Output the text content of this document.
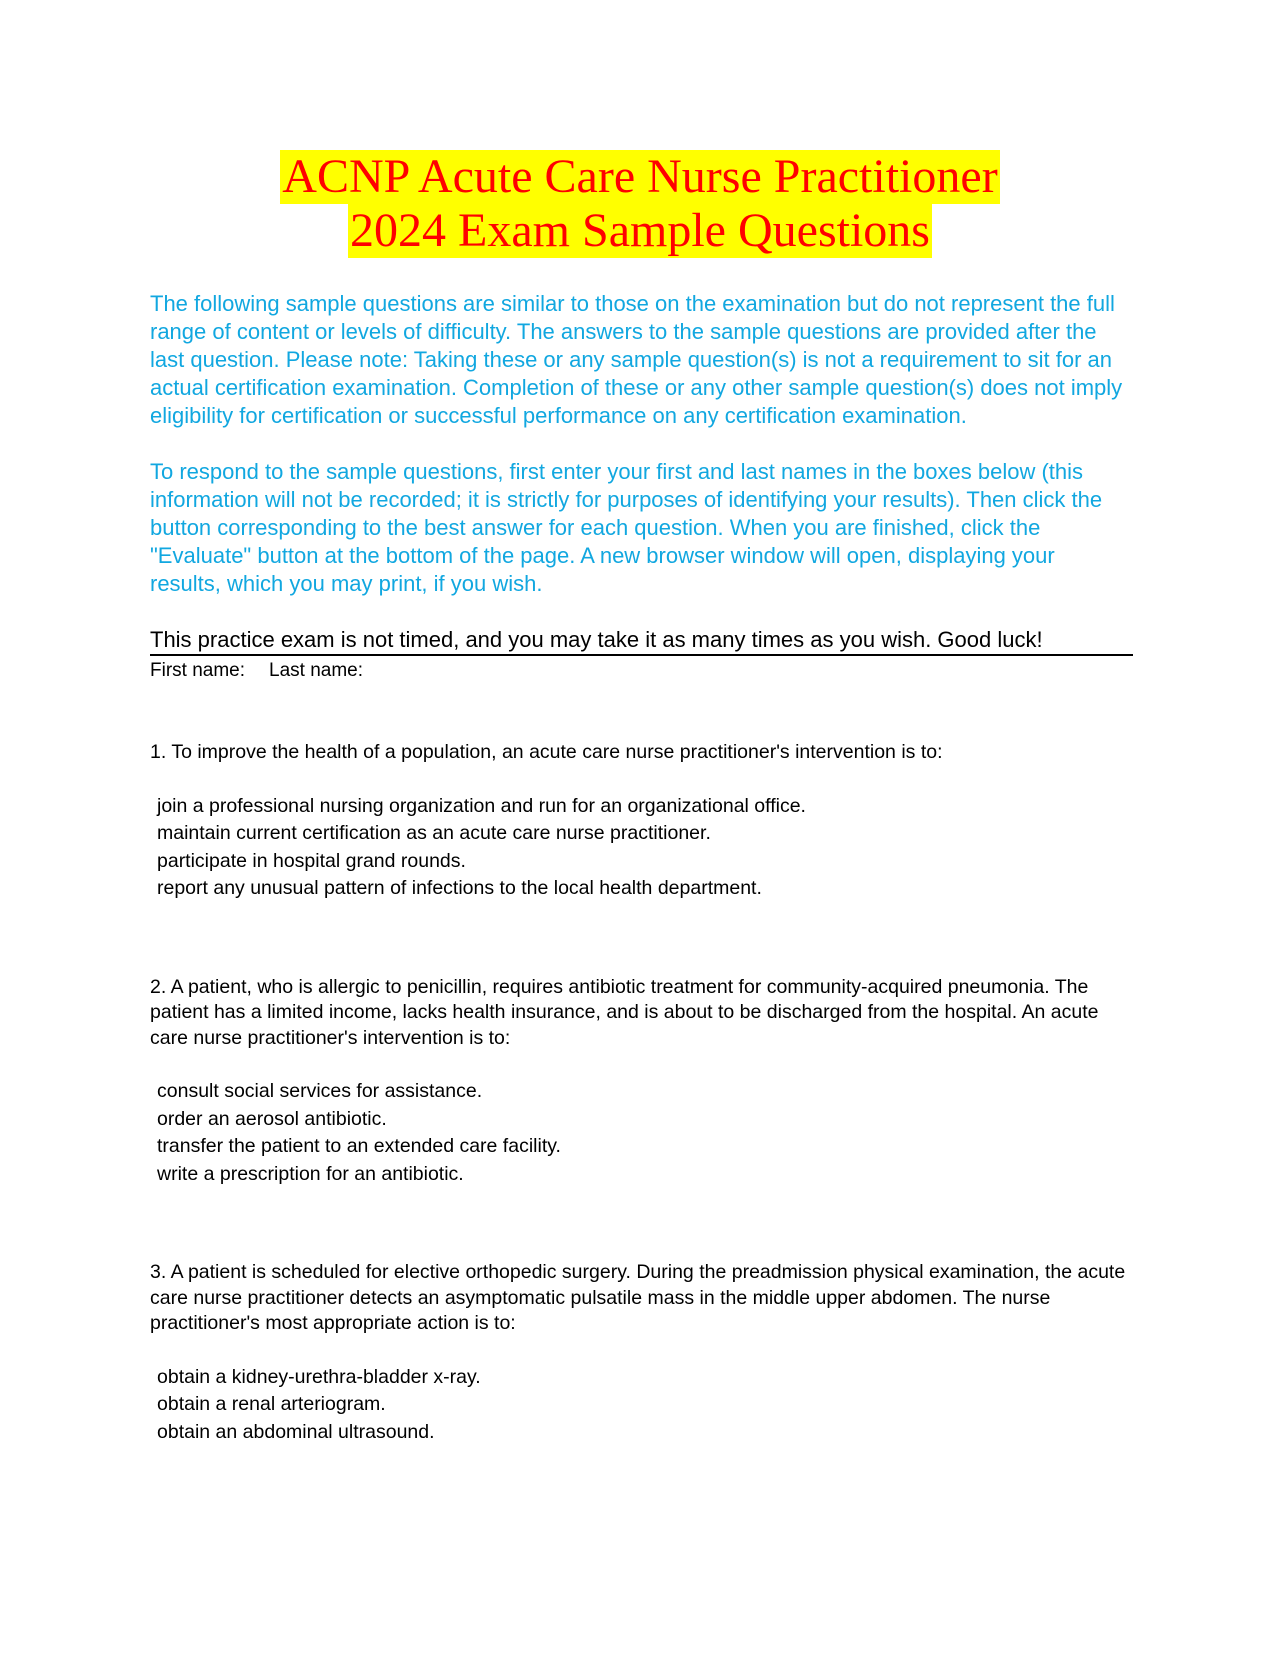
ACNP Acute Care Nurse Practitioner
2024 Exam Sample Questions

The following sample questions are similar to those on the examination but do not represent the full range of content or levels of difficulty. The answers to the sample questions are provided after the last question. Please note: Taking these or any sample question(s) is not a requirement to sit for an actual certification examination. Completion of these or any other sample question(s) does not imply eligibility for certification or successful performance on any certification examination.

To respond to the sample questions, first enter your first and last names in the boxes below (this information will not be recorded; it is strictly for purposes of identifying your results). Then click the button corresponding to the best answer for each question. When you are finished, click the "Evaluate" button at the bottom of the page. A new browser window will open, displaying your results, which you may print, if you wish.

This practice exam is not timed, and you may take it as many times as you wish. Good luck!
First name: Last name:

1. To improve the health of a population, an acute care nurse practitioner's intervention is to:

join a professional nursing organization and run for an organizational office.
maintain current certification as an acute care nurse practitioner.
participate in hospital grand rounds.
report any unusual pattern of infections to the local health department.

2. A patient, who is allergic to penicillin, requires antibiotic treatment for community-acquired pneumonia. The patient has a limited income, lacks health insurance, and is about to be discharged from the hospital. An acute care nurse practitioner's intervention is to:

consult social services for assistance.
order an aerosol antibiotic.
transfer the patient to an extended care facility.
write a prescription for an antibiotic.

3. A patient is scheduled for elective orthopedic surgery. During the preadmission physical examination, the acute care nurse practitioner detects an asymptomatic pulsatile mass in the middle upper abdomen. The nurse practitioner's most appropriate action is to:

obtain a kidney-urethra-bladder x-ray.
obtain a renal arteriogram.
obtain an abdominal ultrasound.
